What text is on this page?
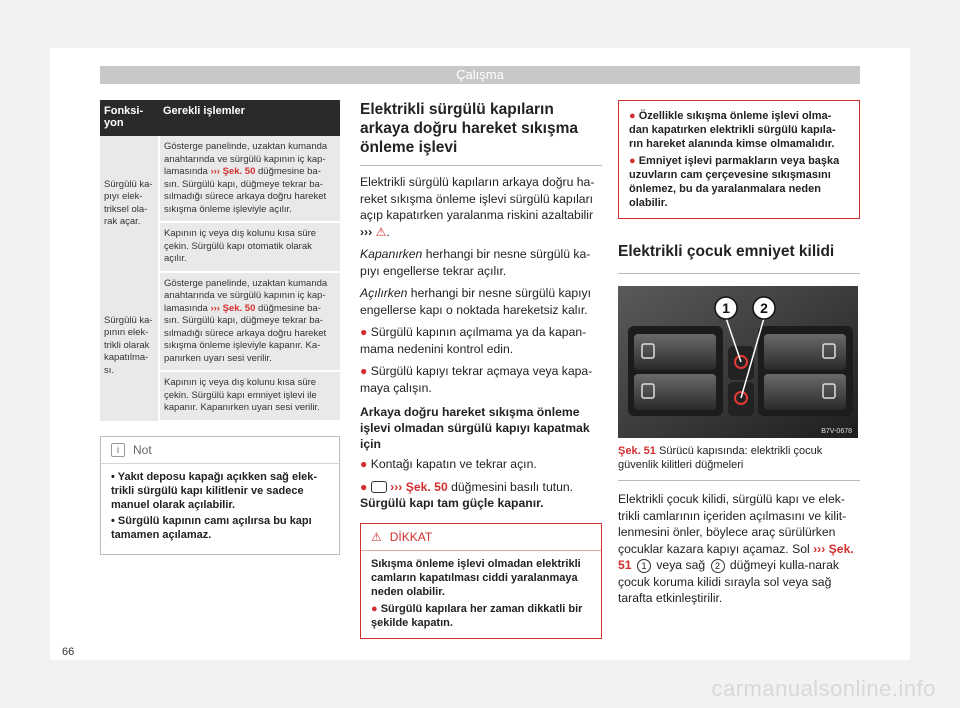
Çalışma
Fonksi-yon	Gerekli işlemler
Sürgülü ka-pıyı elek-triksel ola-rak açar.	Gösterge panelinde, uzaktan kumanda anahtarında ve sürgülü kapının iç kap-lamasında ››› Şek. 50 düğmesine ba-sın. Sürgülü kapı, düğmeye tekrar ba-sılmadığı sürece arkaya doğru hareket sıkışma önleme işleviyle açılır.
	Kapının iç veya dış kolunu kısa süre çekin. Sürgülü kapı otomatik olarak açılır.
Sürgülü ka-pının elek-trikli olarak kapatılma-sı.	Gösterge panelinde, uzaktan kumanda anahtarında ve sürgülü kapının iç kap-lamasında ››› Şek. 50 düğmesine ba-sın. Sürgülü kapı, düğmeye tekrar ba-sılmadığı sürece arkaya doğru hareket sıkışma önleme işleviyle kapanır. Ka-panırken uyarı sesi verilir.
	Kapının iç veya dış kolunu kısa süre çekin. Sürgülü kapı emniyet işlevi ile kapanır. Kapanırken uyarı sesi verilir.
i	Not
• Yakıt deposu kapağı açıkken sağ elek-trikli sürgülü kapı kilitlenir ve sadece manuel olarak açılabilir.
• Sürgülü kapının camı açılırsa bu kapı tamamen açılamaz.
Elektrikli sürgülü kapıların arkaya doğru hareket sıkışma önleme işlevi

Elektrikli sürgülü kapıların arkaya doğru ha-reket sıkışma önleme işlevi sürgülü kapıları açıp kapatırken yaralanma riskini azaltabilir
››› ⚠.

Kapanırken herhangi bir nesne sürgülü ka-pıyı engellerse tekrar açılır.

Açılırken herhangi bir nesne sürgülü kapıyı engellerse kapı o noktada hareketsiz kalır.

● Sürgülü kapının açılmama ya da kapan-mama nedenini kontrol edin.
● Sürgülü kapıyı tekrar açmaya veya kapa-maya çalışın.
Arkaya doğru hareket sıkışma önleme işlevi olmadan sürgülü kapıyı kapatmak için
● Kontağı kapatın ve tekrar açın.
●  ››› Şek. 50 düğmesini basılı tutun.
Sürgülü kapı tam güçle kapanır.
⚠ DİKKAT
Sıkışma önleme işlevi olmadan elektrikli camların kapatılması ciddi yaralanmaya neden olabilir.
● Sürgülü kapılara her zaman dikkatli bir şekilde kapatın.
● Özellikle sıkışma önleme işlevi olma-dan kapatırken elektrikli sürgülü kapıla-rın hareket alanında kimse olmamalıdır.
● Emniyet işlevi parmakların veya başka uzuvların cam çerçevesine sıkışmasını önlemez, bu da yaralanmalara neden olabilir.
Elektrikli çocuk emniyet kilidi
1 2
B7V-0678
Şek. 51 Sürücü kapısında: elektrikli çocuk güvenlik kilitleri düğmeleri

Elektrikli çocuk kilidi, sürgülü kapı ve elek-trikli camlarının içeriden açılmasını ve kilit-lenmesini önler, böylece araç sürülürken çocuklar kazara kapıyı açamaz. Sol ››› Şek. 51 1 veya sağ 2 düğmeyi kulla-narak çocuk koruma kilidi sırayla sol veya sağ tarafta etkinleştirilir.

66
carmanualsonline.info
